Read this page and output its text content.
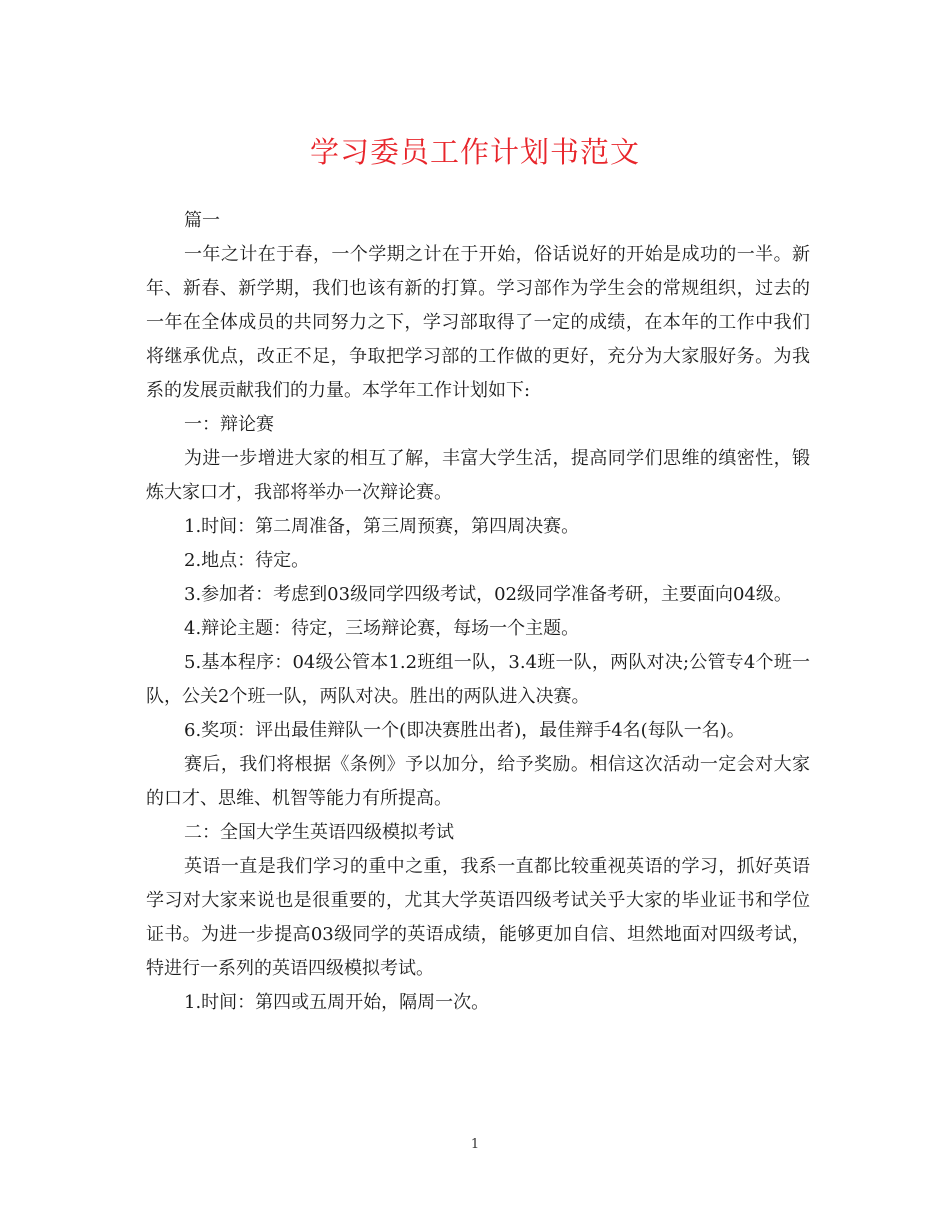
学习委员工作计划书范文

篇一

一年之计在于春，一个学期之计在于开始，俗话说好的开始是成功的一半。新年、新春、新学期，我们也该有新的打算。学习部作为学生会的常规组织，过去的一年在全体成员的共同努力之下，学习部取得了一定的成绩，在本年的工作中我们将继承优点，改正不足，争取把学习部的工作做的更好，充分为大家服好务。为我系的发展贡献我们的力量。本学年工作计划如下:

一：辩论赛

为进一步增进大家的相互了解，丰富大学生活，提高同学们思维的缜密性，锻炼大家口才，我部将举办一次辩论赛。

1.时间：第二周准备，第三周预赛，第四周决赛。

2.地点：待定。

3.参加者：考虑到03级同学四级考试，02级同学准备考研，主要面向04级。

4.辩论主题：待定，三场辩论赛，每场一个主题。

5.基本程序：04级公管本1.2班组一队，3.4班一队，两队对决;公管专4个班一队，公关2个班一队，两队对决。胜出的两队进入决赛。

6.奖项：评出最佳辩队一个(即决赛胜出者)，最佳辩手4名(每队一名)。

赛后，我们将根据《条例》予以加分，给予奖励。相信这次活动一定会对大家的口才、思维、机智等能力有所提高。

二：全国大学生英语四级模拟考试

英语一直是我们学习的重中之重，我系一直都比较重视英语的学习，抓好英语学习对大家来说也是很重要的，尤其大学英语四级考试关乎大家的毕业证书和学位证书。为进一步提高03级同学的英语成绩，能够更加自信、坦然地面对四级考试，特进行一系列的英语四级模拟考试。

1.时间：第四或五周开始，隔周一次。

1
